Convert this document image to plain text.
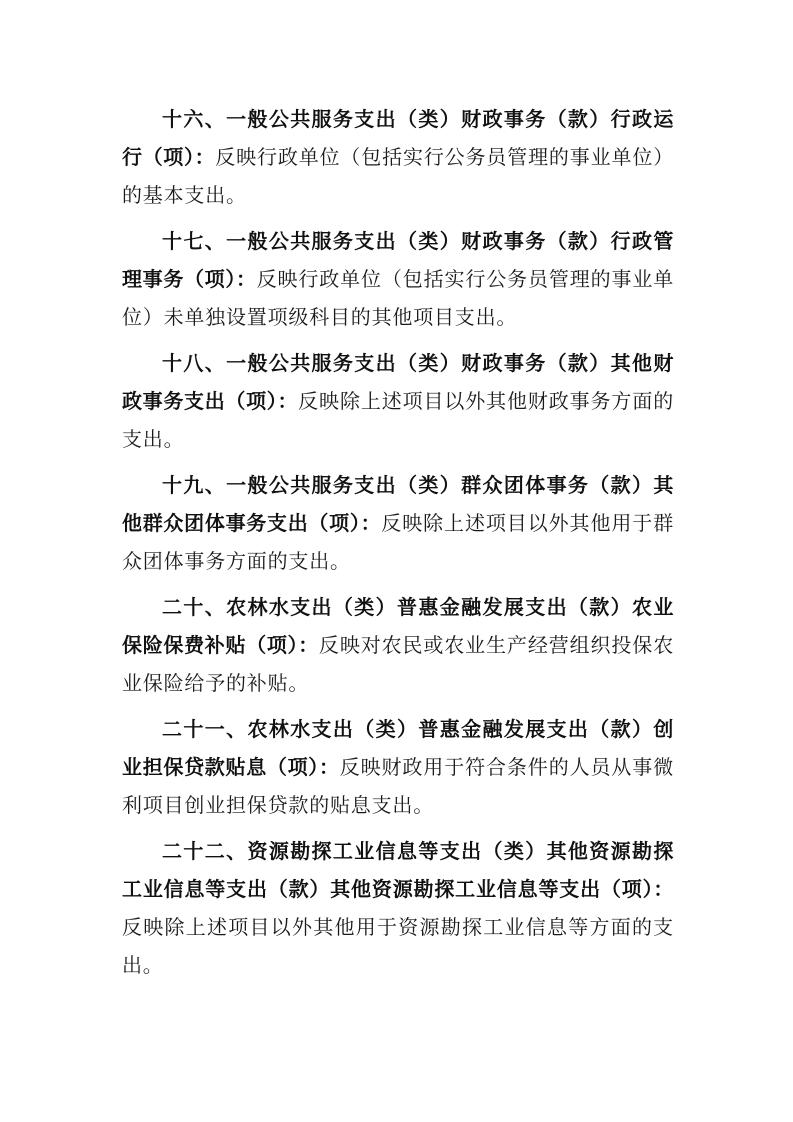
十六、一般公共服务支出（类）财政事务（款）行政运行（项）：反映行政单位（包括实行公务员管理的事业单位）的基本支出。

十七、一般公共服务支出（类）财政事务（款）行政管理事务（项）：反映行政单位（包括实行公务员管理的事业单位）未单独设置项级科目的其他项目支出。

十八、一般公共服务支出（类）财政事务（款）其他财政事务支出（项）：反映除上述项目以外其他财政事务方面的支出。

十九、一般公共服务支出（类）群众团体事务（款）其他群众团体事务支出（项）：反映除上述项目以外其他用于群众团体事务方面的支出。

二十、农林水支出（类）普惠金融发展支出（款）农业保险保费补贴（项）：反映对农民或农业生产经营组织投保农业保险给予的补贴。

二十一、农林水支出（类）普惠金融发展支出（款）创业担保贷款贴息（项）：反映财政用于符合条件的人员从事微利项目创业担保贷款的贴息支出。

二十二、资源勘探工业信息等支出（类）其他资源勘探工业信息等支出（款）其他资源勘探工业信息等支出（项）：反映除上述项目以外其他用于资源勘探工业信息等方面的支出。
